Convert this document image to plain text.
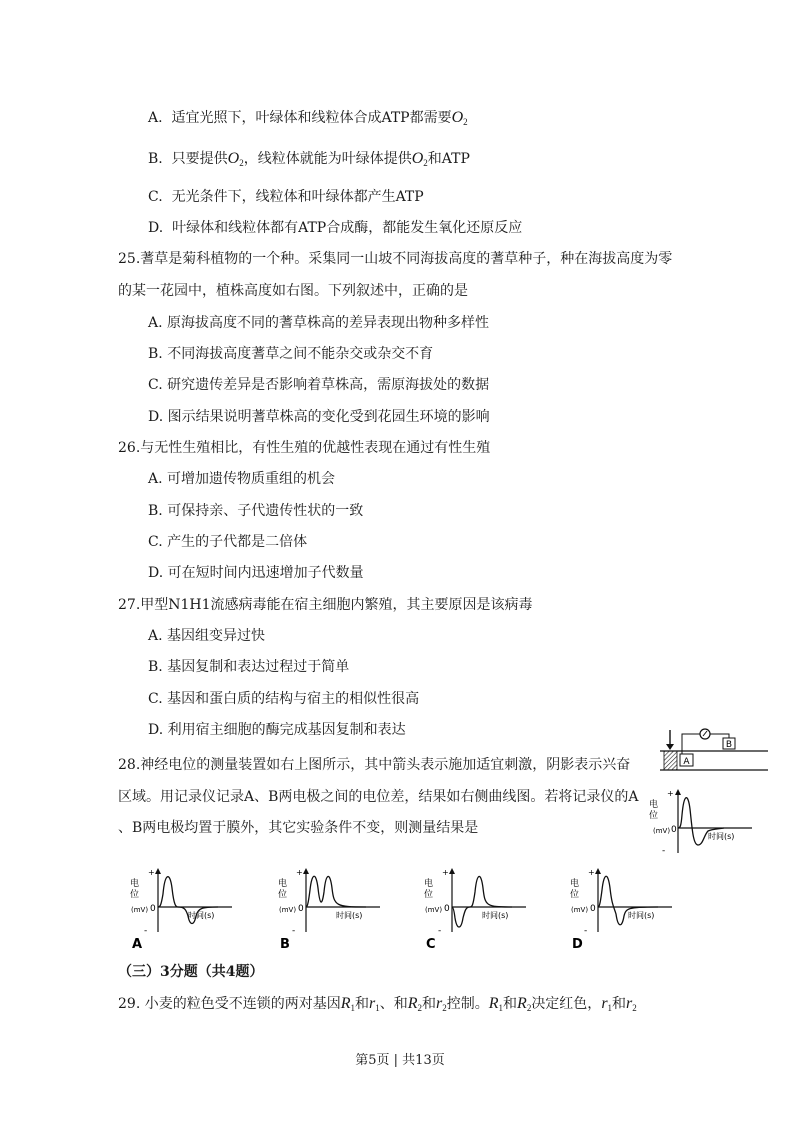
A. 适宜光照下，叶绿体和线粒体合成ATP都需要$O_2$
B. 只要提供$O_2$，线粒体就能为叶绿体提供$O_2$和ATP
C. 无光条件下，线粒体和叶绿体都产生ATP
D. 叶绿体和线粒体都有ATP合成酶，都能发生氧化还原反应
25.蓍草是菊科植物的一个种。采集同一山坡不同海拔高度的蓍草种子，种在海拔高度为零
的某一花园中，植株高度如右图。下列叙述中，正确的是
A. 原海拔高度不同的蓍草株高的差异表现出物种多样性
B. 不同海拔高度蓍草之间不能杂交或杂交不育
C. 研究遗传差异是否影响着草株高，需原海拔处的数据
D. 图示结果说明蓍草株高的变化受到花园生环境的影响
26.与无性生殖相比，有性生殖的优越性表现在通过有性生殖
A. 可增加遗传物质重组的机会
B. 可保持亲、子代遗传性状的一致
C. 产生的子代都是二倍体
D. 可在短时间内迅速增加子代数量
27.甲型N1H1流感病毒能在宿主细胞内繁殖，其主要原因是该病毒
A. 基因组变异过快
B. 基因复制和表达过程过于简单
C. 基因和蛋白质的结构与宿主的相似性很高
D. 利用宿主细胞的酶完成基因复制和表达
28.神经电位的测量装置如右上图所示，其中箭头表示施加适宜刺激，阴影表示兴奋
区域。用记录仪记录A、B两电极之间的电位差，结果如右侧曲线图。若将记录仪的A
、B两电极均置于膜外，其它实验条件不变，则测量结果是
A
B
电
位
(mV)
+
-
0
时间(s)
电
位
(mV)
+
-
0
时间(s)
A
电
位
(mV)
+
-
0
时间(s)
B
电
位
(mV)
+
-
0
时间(s)
C
电
位
(mV)
+
-
0
时间(s)
D
（三）3分题（共4题）
29. 小麦的粒色受不连锁的两对基因$R_1$和$r_1$、和$R_2$和$r_2$控制。$R_1$和$R_2$决定红色，$r_1$和$r_2$
第5页 | 共13页
